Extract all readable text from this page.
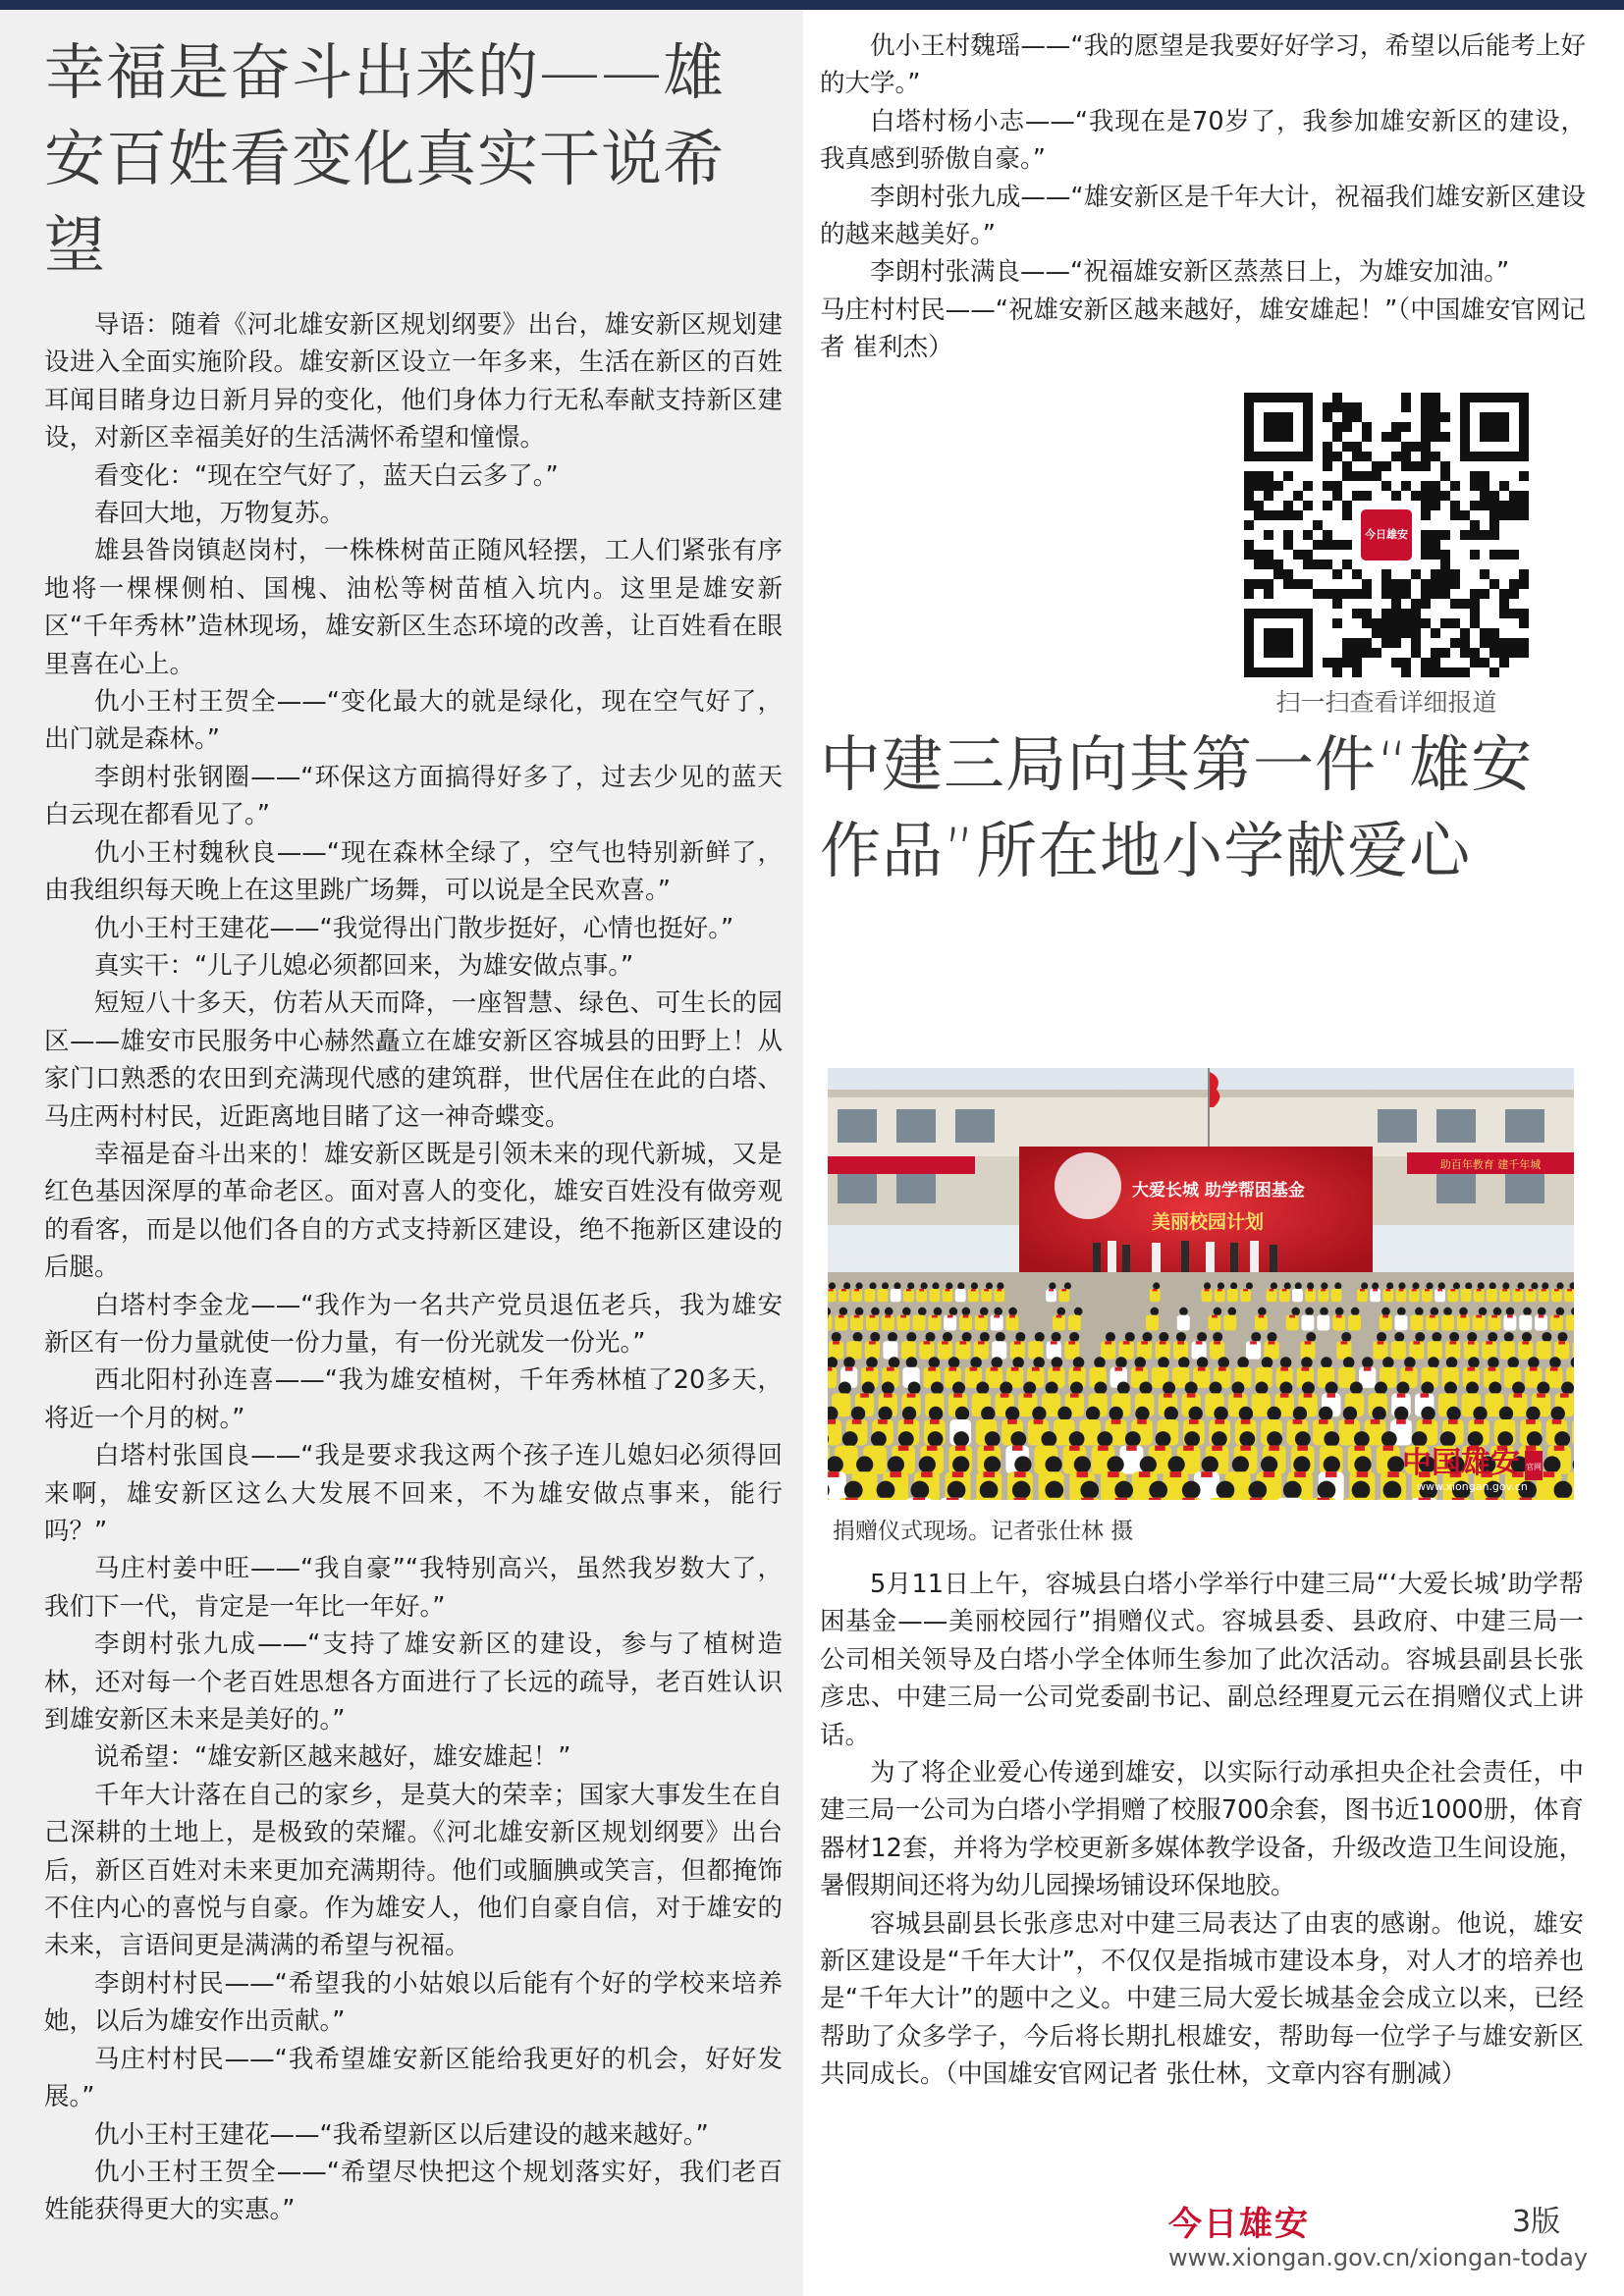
幸福是奋斗出来的——雄安百姓看变化真实干说希望

导语：随着《河北雄安新区规划纲要》出台，雄安新区规划建设进入全面实施阶段。雄安新区设立一年多来，生活在新区的百姓耳闻目睹身边日新月异的变化，他们身体力行无私奉献支持新区建设，对新区幸福美好的生活满怀希望和憧憬。

看变化：“现在空气好了，蓝天白云多了。”

春回大地，万物复苏。

雄县昝岗镇赵岗村，一株株树苗正随风轻摆，工人们紧张有序地将一棵棵侧柏、国槐、油松等树苗植入坑内。这里是雄安新区“千年秀林”造林现场，雄安新区生态环境的改善，让百姓看在眼里喜在心上。

仇小王村王贺全——“变化最大的就是绿化，现在空气好了，出门就是森林。”

李朗村张钢圈——“环保这方面搞得好多了，过去少见的蓝天白云现在都看见了。”

仇小王村魏秋良——“现在森林全绿了，空气也特别新鲜了，由我组织每天晚上在这里跳广场舞，可以说是全民欢喜。”

仇小王村王建花——“我觉得出门散步挺好，心情也挺好。”

真实干：“儿子儿媳必须都回来，为雄安做点事。”

短短八十多天，仿若从天而降，一座智慧、绿色、可生长的园区——雄安市民服务中心赫然矗立在雄安新区容城县的田野上！从家门口熟悉的农田到充满现代感的建筑群，世代居住在此的白塔、马庄两村村民，近距离地目睹了这一神奇蝶变。

幸福是奋斗出来的！雄安新区既是引领未来的现代新城，又是红色基因深厚的革命老区。面对喜人的变化，雄安百姓没有做旁观的看客，而是以他们各自的方式支持新区建设，绝不拖新区建设的后腿。

白塔村李金龙——“我作为一名共产党员退伍老兵，我为雄安新区有一份力量就使一份力量，有一份光就发一份光。”

西北阳村孙连喜——“我为雄安植树，千年秀林植了20多天，将近一个月的树。”

白塔村张国良——“我是要求我这两个孩子连儿媳妇必须得回来啊，雄安新区这么大发展不回来，不为雄安做点事来，能行吗？”

马庄村姜中旺——“我自豪”“我特别高兴，虽然我岁数大了，我们下一代，肯定是一年比一年好。”

李朗村张九成——“支持了雄安新区的建设，参与了植树造林，还对每一个老百姓思想各方面进行了长远的疏导，老百姓认识到雄安新区未来是美好的。”

说希望：“雄安新区越来越好，雄安雄起！”

千年大计落在自己的家乡，是莫大的荣幸；国家大事发生在自己深耕的土地上，是极致的荣耀。《河北雄安新区规划纲要》出台后，新区百姓对未来更加充满期待。他们或腼腆或笑言，但都掩饰不住内心的喜悦与自豪。作为雄安人，他们自豪自信，对于雄安的未来，言语间更是满满的希望与祝福。

李朗村村民——“希望我的小姑娘以后能有个好的学校来培养她，以后为雄安作出贡献。”

马庄村村民——“我希望雄安新区能给我更好的机会，好好发展。”

仇小王村王建花——“我希望新区以后建设的越来越好。”

仇小王村王贺全——“希望尽快把这个规划落实好，我们老百姓能获得更大的实惠。”

仇小王村魏瑶——“我的愿望是我要好好学习，希望以后能考上好的大学。”

白塔村杨小志——“我现在是70岁了，我参加雄安新区的建设，我真感到骄傲自豪。”

李朗村张九成——“雄安新区是千年大计，祝福我们雄安新区建设的越来越美好。”

李朗村张满良——“祝福雄安新区蒸蒸日上，为雄安加油。”

马庄村村民——“祝雄安新区越来越好，雄安雄起！”（中国雄安官网记者 崔利杰）

今日雄安
扫一扫查看详细报道
中建三局向其第一件“雄安作品”所在地小学献爱心
助百年教育 建千年城
大爱长城 助学帮困基金
美丽校园计划
中国雄安 官网
www.xiongan.gov.cn
捐赠仪式现场。记者张仕林 摄

5月11日上午，容城县白塔小学举行中建三局“‘大爱长城’助学帮困基金——美丽校园行”捐赠仪式。容城县委、县政府、中建三局一公司相关领导及白塔小学全体师生参加了此次活动。容城县副县长张彦忠、中建三局一公司党委副书记、副总经理夏元云在捐赠仪式上讲话。

为了将企业爱心传递到雄安，以实际行动承担央企社会责任，中建三局一公司为白塔小学捐赠了校服700余套，图书近1000册，体育器材12套，并将为学校更新多媒体教学设备，升级改造卫生间设施，暑假期间还将为幼儿园操场铺设环保地胶。

容城县副县长张彦忠对中建三局表达了由衷的感谢。他说，雄安新区建设是“千年大计”，不仅仅是指城市建设本身，对人才的培养也是“千年大计”的题中之义。中建三局大爱长城基金会成立以来，已经帮助了众多学子，今后将长期扎根雄安，帮助每一位学子与雄安新区共同成长。（中国雄安官网记者 张仕林，文章内容有删减）

今日雄安	3版
www.xiongan.gov.cn/xiongan-today
